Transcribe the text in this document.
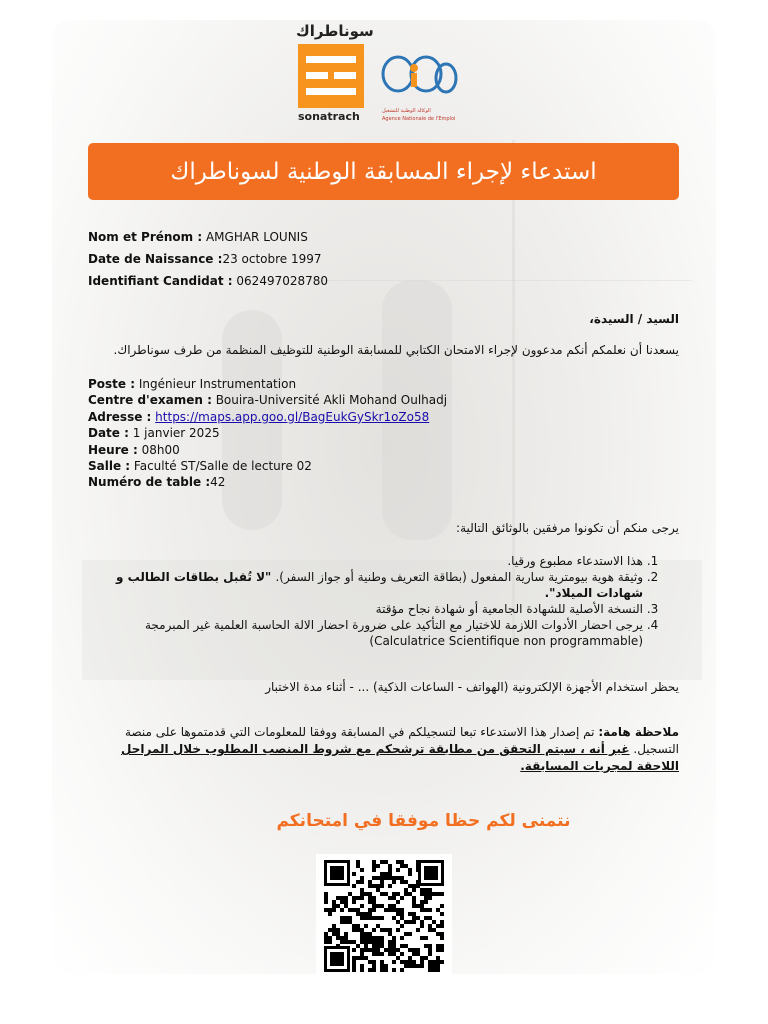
سوناطراك
sonatrach	الوكالة الوطنية للتشغيل
Agence Nationale de l'Emploi
استدعاء لإجراء المسابقة الوطنية لسوناطراك
Nom et Prénom : AMGHAR LOUNIS
Date de Naissance :23 octobre 1997
Identifiant Candidat : 062497028780
السيد / السيدة،
يسعدنا أن نعلمكم أنكم مدعوون لإجراء الامتحان الكتابي للمسابقة الوطنية للتوظيف المنظمة من طرف سوناطراك.
Poste : Ingénieur Instrumentation
Centre d'examen : Bouira-Université Akli Mohand Oulhadj
Adresse : https://maps.app.goo.gl/BagEukGySkr1oZo58
Date : 1 janvier 2025
Heure : 08h00
Salle : Faculté ST/Salle de lecture 02
Numéro de table :42
يرجى منكم أن تكونوا مرفقين بالوثائق التالية:
1. هذا الاستدعاء مطبوع ورقيا.
2. وثيقة هوية بيومترية سارية المفعول (بطاقة التعريف وطنية أو جواز السفر). "لا تُقبل بطاقات الطالب و شهادات الميلاد".
3. النسخة الأصلية للشهادة الجامعية أو شهادة نجاح مؤقتة
4. يرجى احضار الأدوات اللازمة للاختيار مع التأكيد على ضرورة احضار الالة الحاسبة العلمية غير المبرمجة (Calculatrice Scientifique non programmable)
يحظر استخدام الأجهزة الإلكترونية (الهواتف - الساعات الذكية) ... - أثناء مدة الاختبار
ملاحظة هامة: تم إصدار هذا الاستدعاء تبعا لتسجيلكم في المسابقة ووفقا للمعلومات التي قدمتموها على منصة التسجيل. غير أنه ، سيتم التحقق من مطابقة ترشحكم مع شروط المنصب المطلوب خلال المراحل اللاحقة لمجريات المسابقة.
نتمنى لكم حظا موفقا في امتحانكم
